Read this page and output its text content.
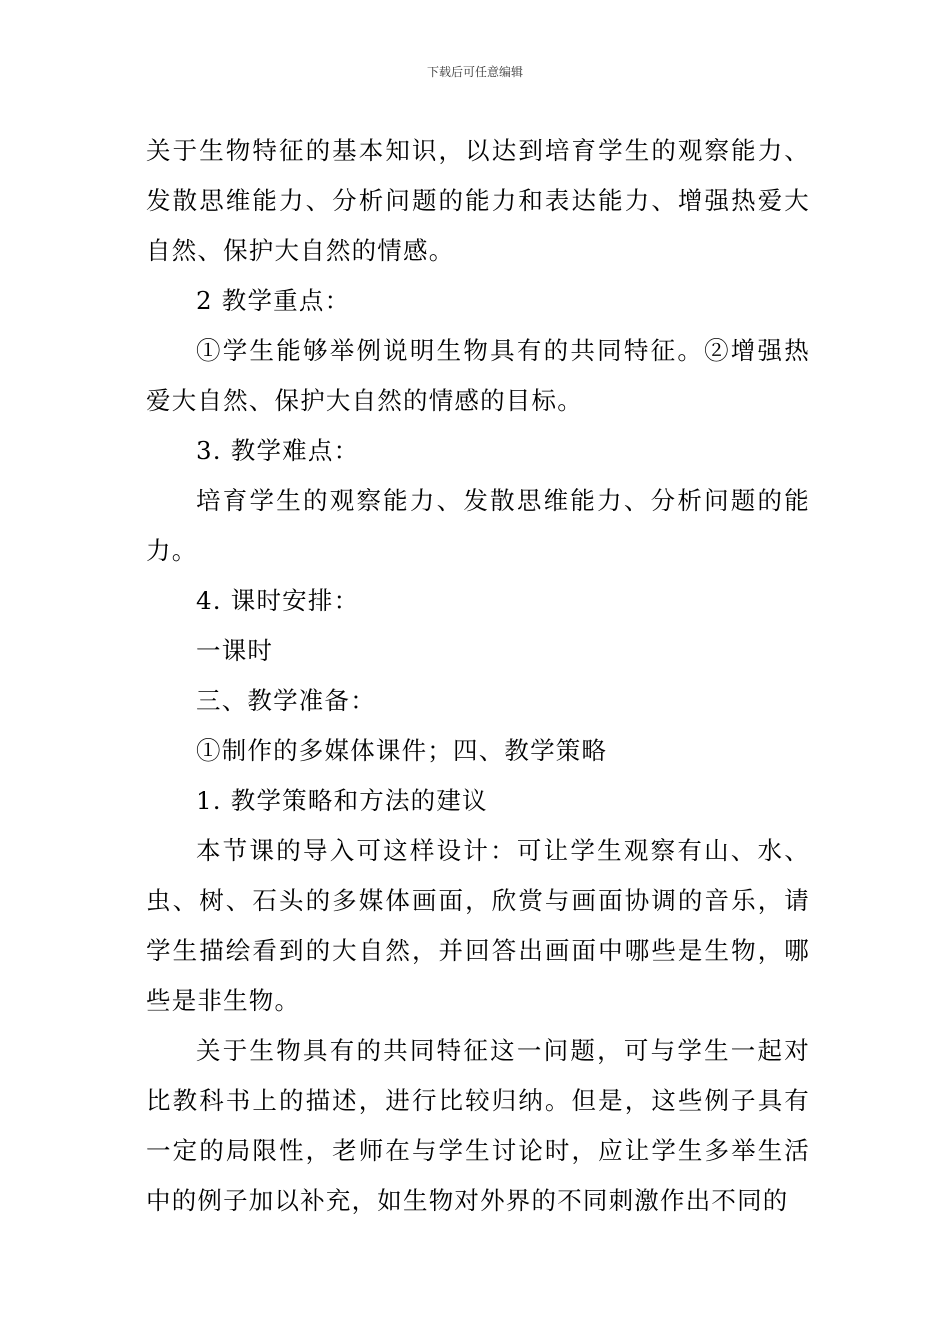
下载后可任意编辑

关于生物特征的基本知识，以达到培育学生的观察能力、发散思维能力、分析问题的能力和表达能力、增强热爱大自然、保护大自然的情感。

2 教学重点：

①学生能够举例说明生物具有的共同特征。②增强热爱大自然、保护大自然的情感的目标。

3. 教学难点：

培育学生的观察能力、发散思维能力、分析问题的能力。

4. 课时安排：

一课时

三、教学准备：

①制作的多媒体课件；四、教学策略

1. 教学策略和方法的建议

本节课的导入可这样设计：可让学生观察有山、水、虫、树、石头的多媒体画面，欣赏与画面协调的音乐，请学生描绘看到的大自然，并回答出画面中哪些是生物，哪些是非生物。

关于生物具有的共同特征这一问题，可与学生一起对比教科书上的描述，进行比较归纳。但是，这些例子具有一定的局限性，老师在与学生讨论时，应让学生多举生活中的例子加以补充，如生物对外界的不同刺激作出不同的
